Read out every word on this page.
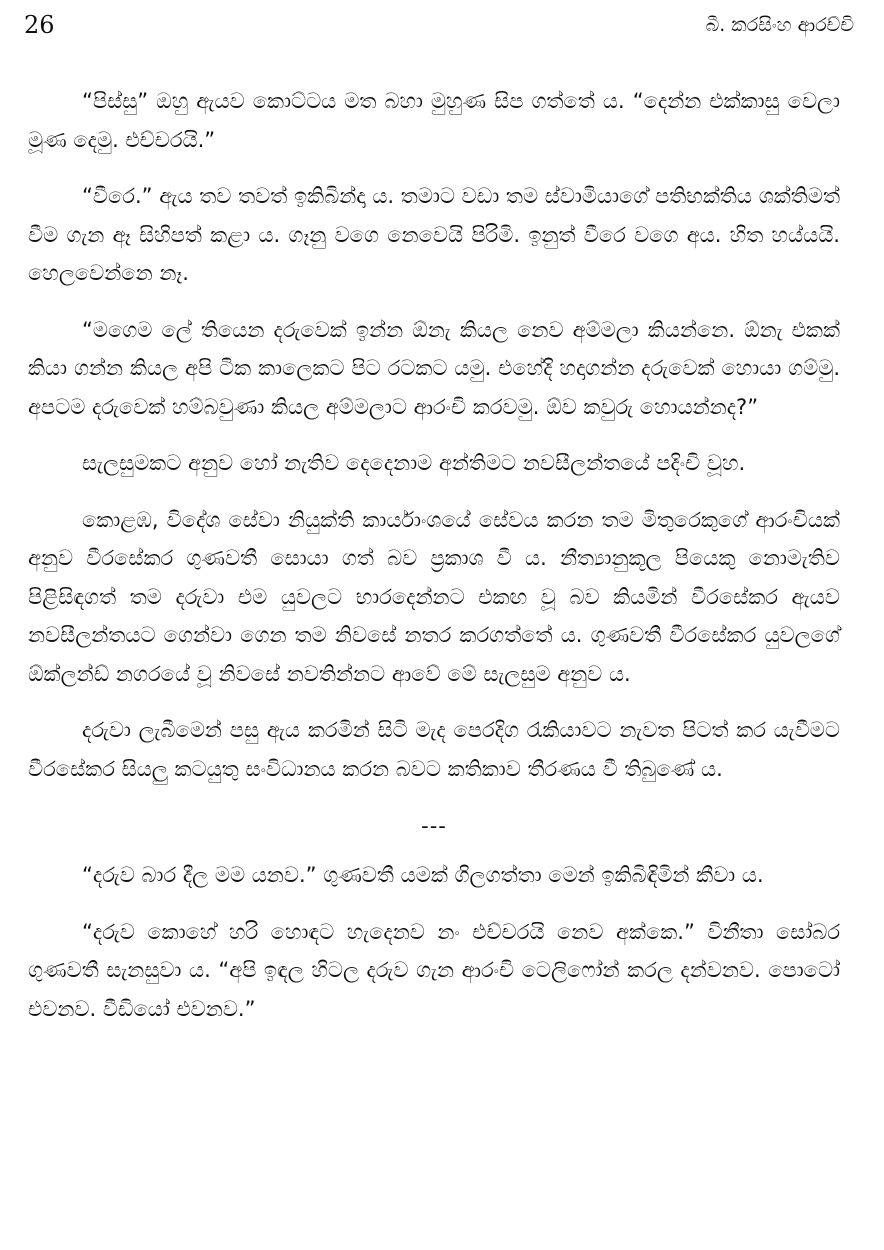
26	බී. කරසිංහ ආරච්චි

“පිස්සු” ඔහු ඇයව කොට්ටය මත බහා මුහුණ සිප ගත්තේ ය. “දෙන්න එක්කාසු වෙලා මූණ දෙමු. එච්චරයි.”

“වීරෙ.” ඇය තව තවත් ඉකිබින්දා ය. තමාට වඩා තම ස්වාමියාගේ පතිභක්තිය ශක්තිමත් වීම ගැන ඈ සිහිපත් කළා ය. ගෑනු වගෙ නෙවෙයි පිරිමි. ඉනුත් වීරෙ වගෙ අය. හිත හය්යයි. හෙලවෙන්නෙ නෑ.

“මගෙම ලේ තියෙන දරුවෙක් ඉන්න ඕනැ කියල නෙව අම්මලා කියන්නෙ. ඕනැ එකක් කියා ගන්න කියල අපි ටික කාලෙකට පිට රටකට යමු. එහේදි හදාගන්න දරුවෙක් හොයා ගම්මු. අපටම දරුවෙක් හම්බවුණා කියල අම්මලාට ආරංචි කරවමු. ඕව කවුරු හොයන්නද?”

සැලසුමකට අනුව හෝ නැතිව දෙදෙනාම අන්තිමට නවසීලන්තයේ පදිංචි වූහ.

කොළඹ, විදේශ සේවා නියුක්ති කාර්යාංශයේ සේවය කරන තම මිතුරෙකුගේ ආරංචියක් අනුව වීරසේකර ගුණවතී සොයා ගත් බව ප්‍රකාශ වී ය. නීත්‍යානුකූල පියෙකු නොමැතිව පිළිසිඳගත් තම දරුවා එම යුවලට භාරදෙන්නට එකඟ වූ බව කියමින් වීරසේකර ඇයව නවසීලන්තයට ගෙන්වා ගෙන තම නිවසේ නතර කරගත්තේ ය. ගුණවතී වීරසේකර යුවලගේ ඕක්ලන්ඩ් නගරයේ වූ නිවසේ නවතින්නට ආවේ මේ සැලසුම අනුව ය.

දරුවා ලැබීමෙන් පසු ඇය කරමින් සිටි මැද පෙරදිග රැකියාවට නැවත පිටත් කර යැවීමට වීරසේකර සියලු කටයුතු සංවිධානය කරන බවට කතිකාව තීරණය වී තිබුණේ ය.

---

“දරුව බාර දීල මම යනව.” ගුණවතී යමක් ගිලගත්තා මෙන් ඉකිබිඳිමින් කීවා ය.

“දරුව කොහේ හරි හොඳට හැදෙනව නං එච්චරයි නෙව අක්කෙ.” විනීතා සෝබර ගුණවතී සැනසුවා ය. “අපි ඉඳල හිටල දරුව ගැන ආරංචි ටෙලිෆෝන් කරල දන්වනව. පොටෝ එවනව. වීඩියෝ එවනව.”
